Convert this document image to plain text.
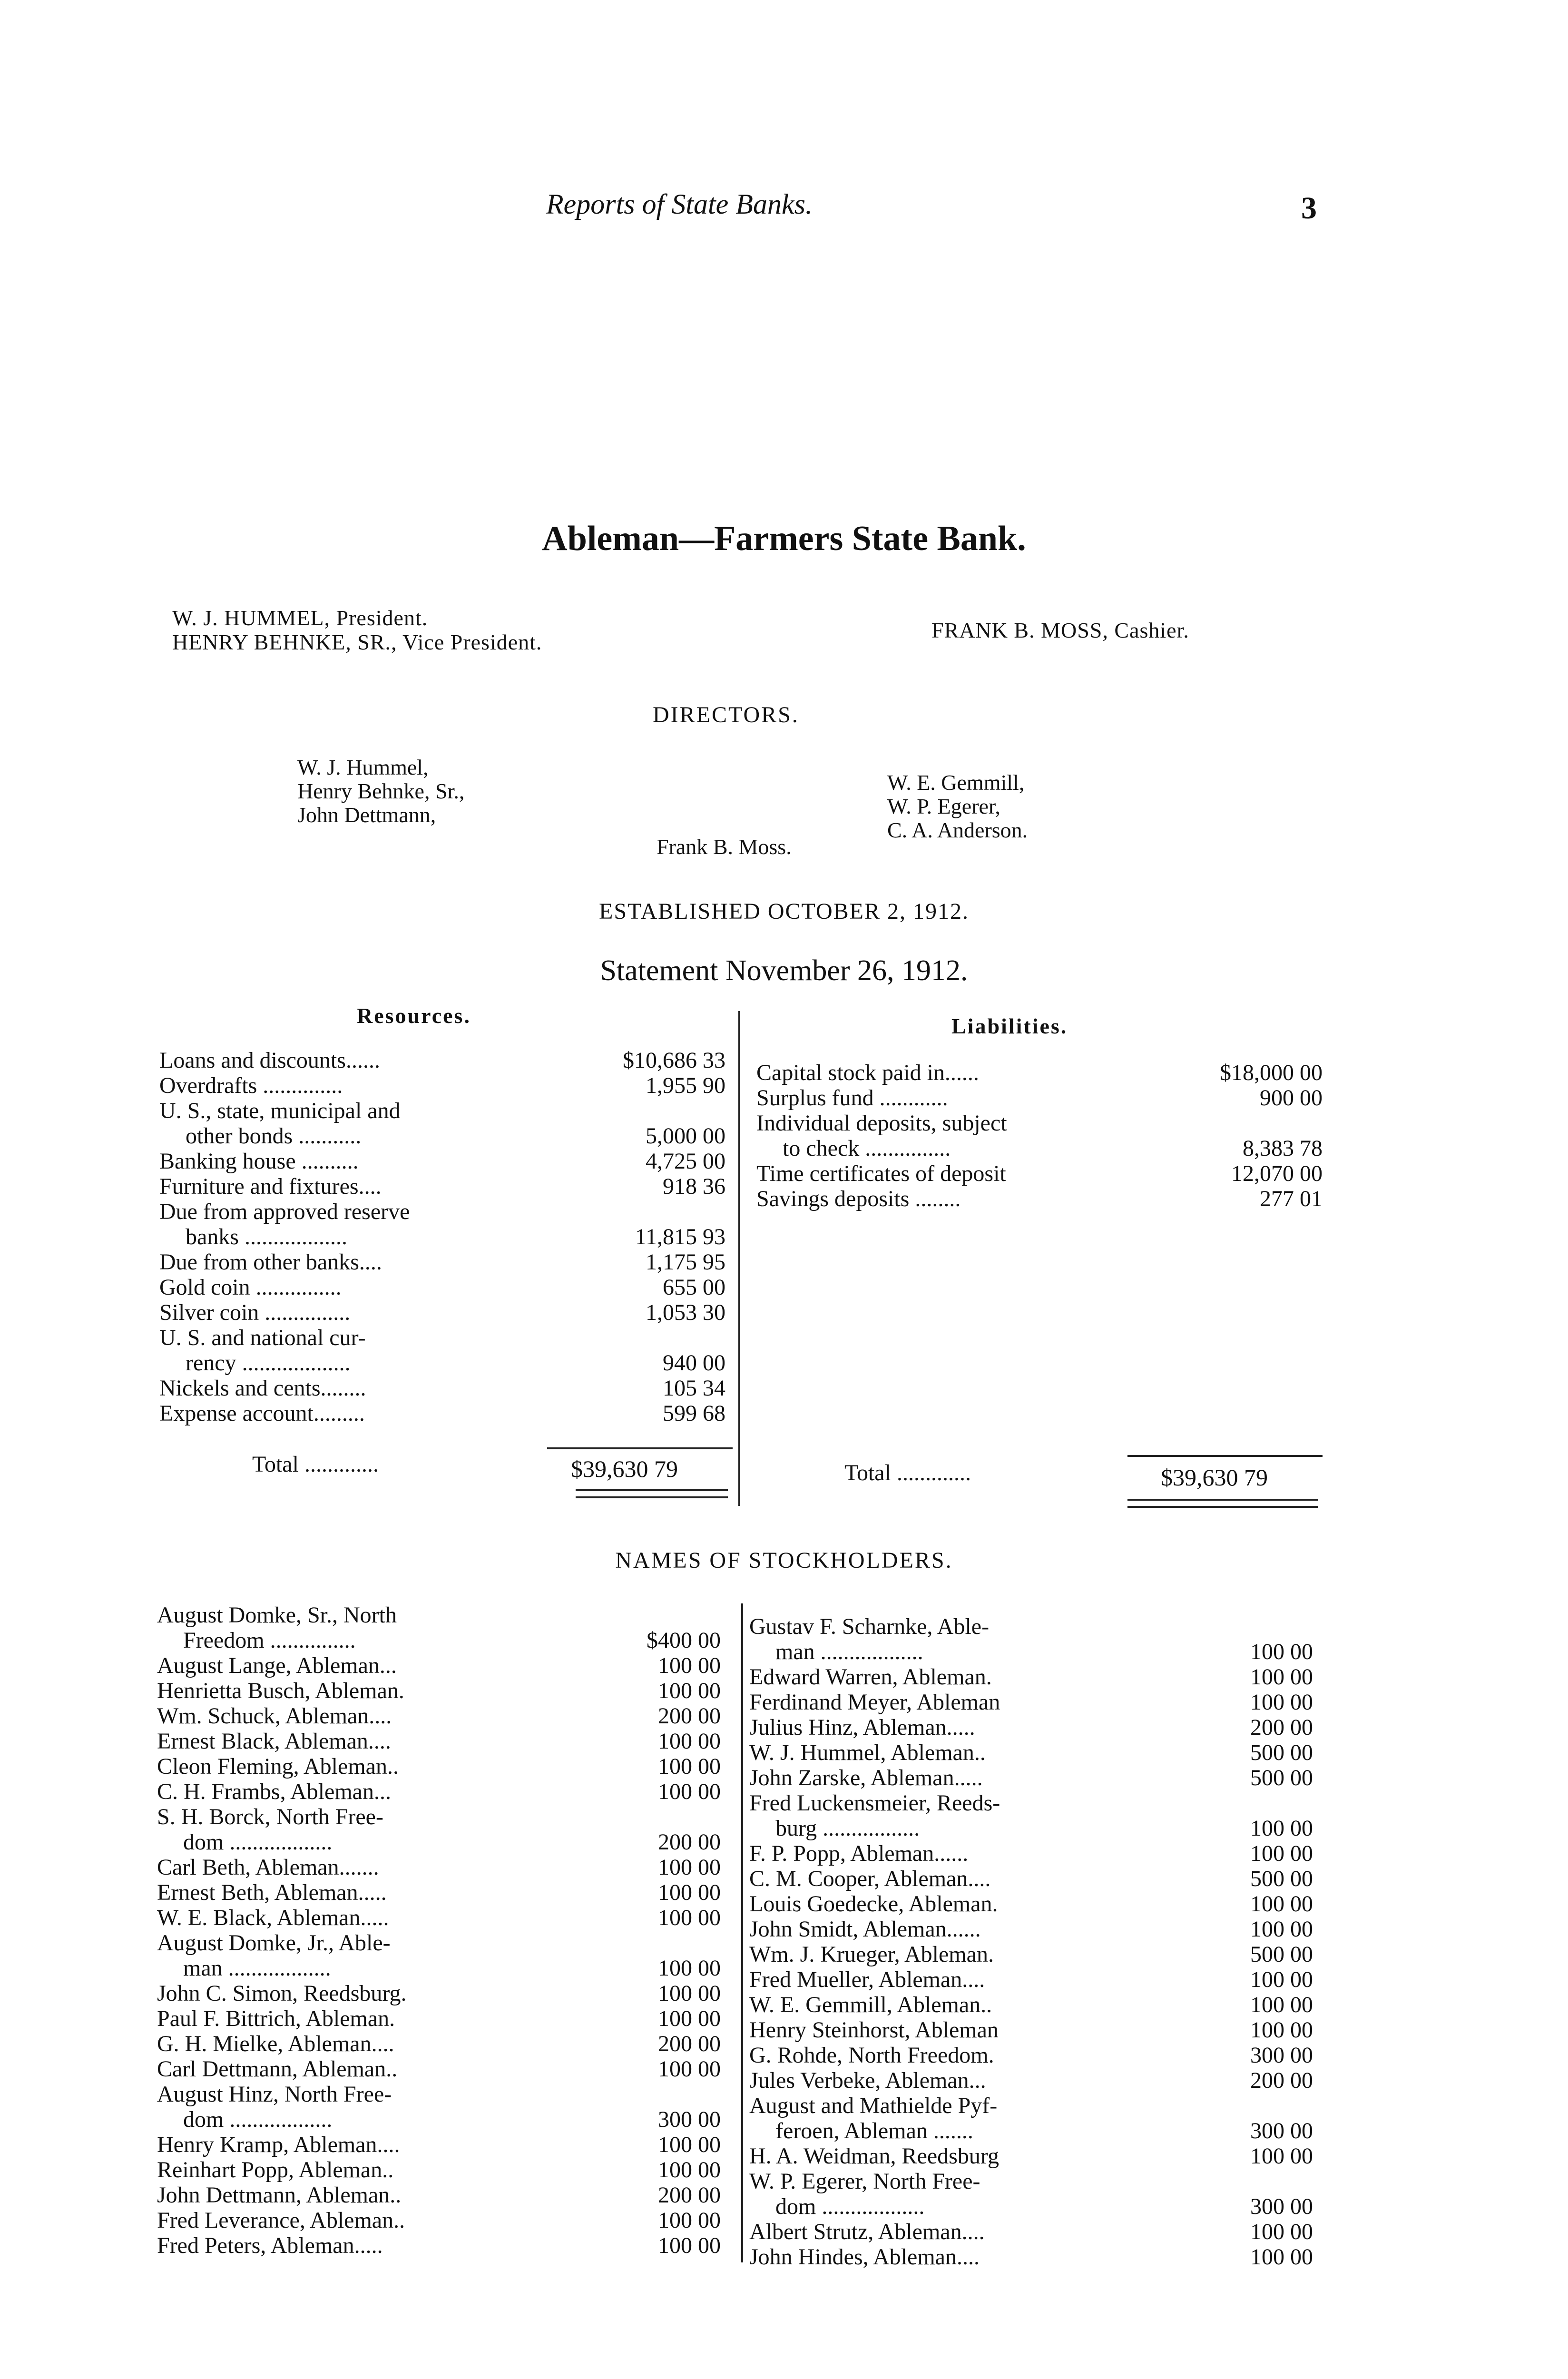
Reports of State Banks.	3
Ableman—Farmers State Bank.
W. J. HUMMEL, President.
HENRY BEHNKE, SR., Vice President.	FRANK B. MOSS, Cashier.
DIRECTORS.
W. J. Hummel,
Henry Behnke, Sr.,
John Dettmann,
Frank B. Moss.
W. E. Gemmill,
W. P. Egerer,
C. A. Anderson.
ESTABLISHED OCTOBER 2, 1912.
Statement November 26, 1912.
Resources.	Liabilities.
Loans and discounts......	$10,686 33
Overdrafts ..............	1,955 90
U. S., state, municipal and
other bonds ...........	5,000 00
Banking house ..........	4,725 00
Furniture and fixtures....	918 36
Due from approved reserve
banks ..................	11,815 93
Due from other banks....	1,175 95
Gold coin ...............	655 00
Silver coin ...............	1,053 30
U. S. and national cur-
rency ...................	940 00
Nickels and cents........	105 34
Expense account.........	599 68
Capital stock paid in......	$18,000 00
Surplus fund ............	900 00
Individual deposits, subject
to check ...............	8,383 78
Time certificates of deposit	12,070 00
Savings deposits ........	277 01
Total .............	$39,630 79	Total .............	$39,630 79
NAMES OF STOCKHOLDERS.
August Domke, Sr., North
Freedom ...............	$400 00
August Lange, Ableman...	100 00
Henrietta Busch, Ableman.	100 00
Wm. Schuck, Ableman....	200 00
Ernest Black, Ableman....	100 00
Cleon Fleming, Ableman..	100 00
C. H. Frambs, Ableman...	100 00
S. H. Borck, North Free-
dom ..................	200 00
Carl Beth, Ableman.......	100 00
Ernest Beth, Ableman.....	100 00
W. E. Black, Ableman.....	100 00
August Domke, Jr., Able-
man ..................	100 00
John C. Simon, Reedsburg.	100 00
Paul F. Bittrich, Ableman.	100 00
G. H. Mielke, Ableman....	200 00
Carl Dettmann, Ableman..	100 00
August Hinz, North Free-
dom ..................	300 00
Henry Kramp, Ableman....	100 00
Reinhart Popp, Ableman..	100 00
John Dettmann, Ableman..	200 00
Fred Leverance, Ableman..	100 00
Fred Peters, Ableman.....	100 00
Gustav F. Scharnke, Able-
man ..................	100 00
Edward Warren, Ableman.	100 00
Ferdinand Meyer, Ableman	100 00
Julius Hinz, Ableman.....	200 00
W. J. Hummel, Ableman..	500 00
John Zarske, Ableman.....	500 00
Fred Luckensmeier, Reeds-
burg .................	100 00
F. P. Popp, Ableman......	100 00
C. M. Cooper, Ableman....	500 00
Louis Goedecke, Ableman.	100 00
John Smidt, Ableman......	100 00
Wm. J. Krueger, Ableman.	500 00
Fred Mueller, Ableman....	100 00
W. E. Gemmill, Ableman..	100 00
Henry Steinhorst, Ableman	100 00
G. Rohde, North Freedom.	300 00
Jules Verbeke, Ableman...	200 00
August and Mathielde Pyf-
feroen, Ableman .......	300 00
H. A. Weidman, Reedsburg	100 00
W. P. Egerer, North Free-
dom ..................	300 00
Albert Strutz, Ableman....	100 00
John Hindes, Ableman....	100 00
